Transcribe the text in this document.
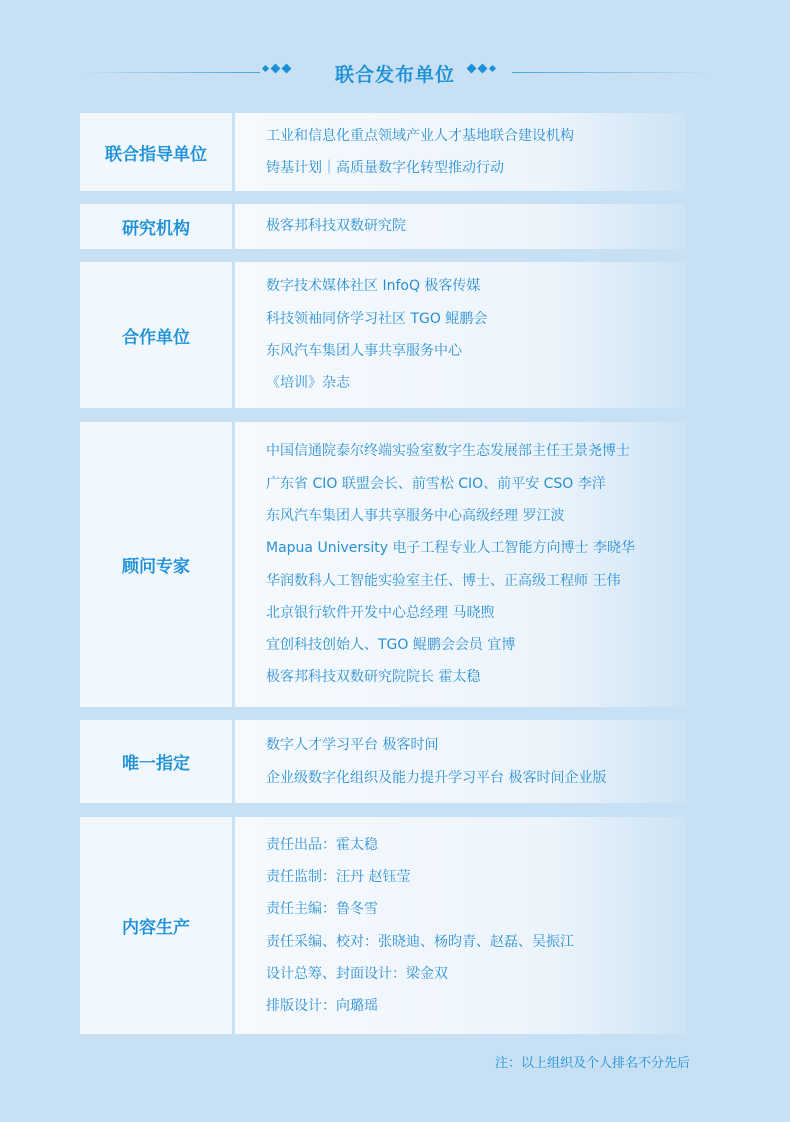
联合发布单位
联合指导单位
工业和信息化重点领域产业人才基地联合建设机构
铸基计划｜高质量数字化转型推动行动
研究机构	极客邦科技双数研究院
合作单位
数字技术媒体社区 InfoQ 极客传媒
科技领袖同侪学习社区 TGO 鲲鹏会
东风汽车集团人事共享服务中心
《培训》杂志
顾问专家
中国信通院泰尔终端实验室数字生态发展部主任王景尧博士
广东省 CIO 联盟会长、前雪松 CIO、前平安 CSO 李洋
东风汽车集团人事共享服务中心高级经理 罗江波
Mapua University 电子工程专业人工智能方向博士 李晓华
华润数科人工智能实验室主任、博士、正高级工程师 王伟
北京银行软件开发中心总经理 马晓煦
宜创科技创始人、TGO 鲲鹏会会员 宜博
极客邦科技双数研究院院长 霍太稳
唯一指定
数字人才学习平台 极客时间
企业级数字化组织及能力提升学习平台 极客时间企业版
内容生产
责任出品：霍太稳
责任监制：汪丹 赵钰莹
责任主编：鲁冬雪
责任采编、校对：张晓迪、杨昀青、赵磊、吴振江
设计总筹、封面设计：梁金双
排版设计：向璐瑶
注：以上组织及个人排名不分先后
